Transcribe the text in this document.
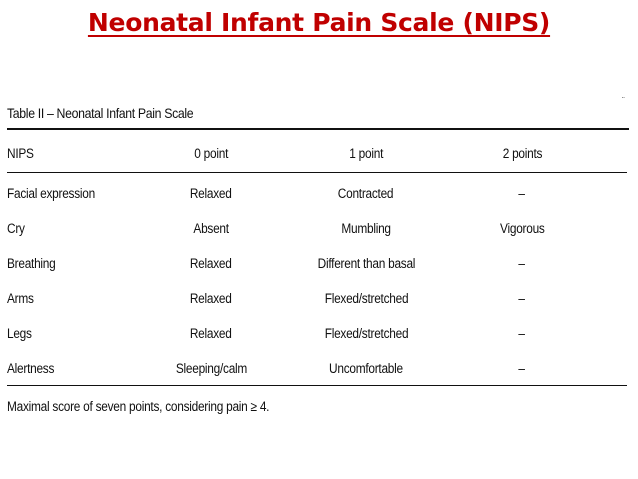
Neonatal Infant Pain Scale (NIPS)
Table II – Neonatal Infant Pain Scale
¨
NIPS	0 point	1 point	2 points
Facial expression	Relaxed	Contracted	–
Cry	Absent	Mumbling	Vigorous
Breathing	Relaxed	Different than basal	–
Arms	Relaxed	Flexed/stretched	–
Legs	Relaxed	Flexed/stretched	–
Alertness	Sleeping/calm	Uncomfortable	–
Maximal score of seven points, considering pain ≥ 4.
